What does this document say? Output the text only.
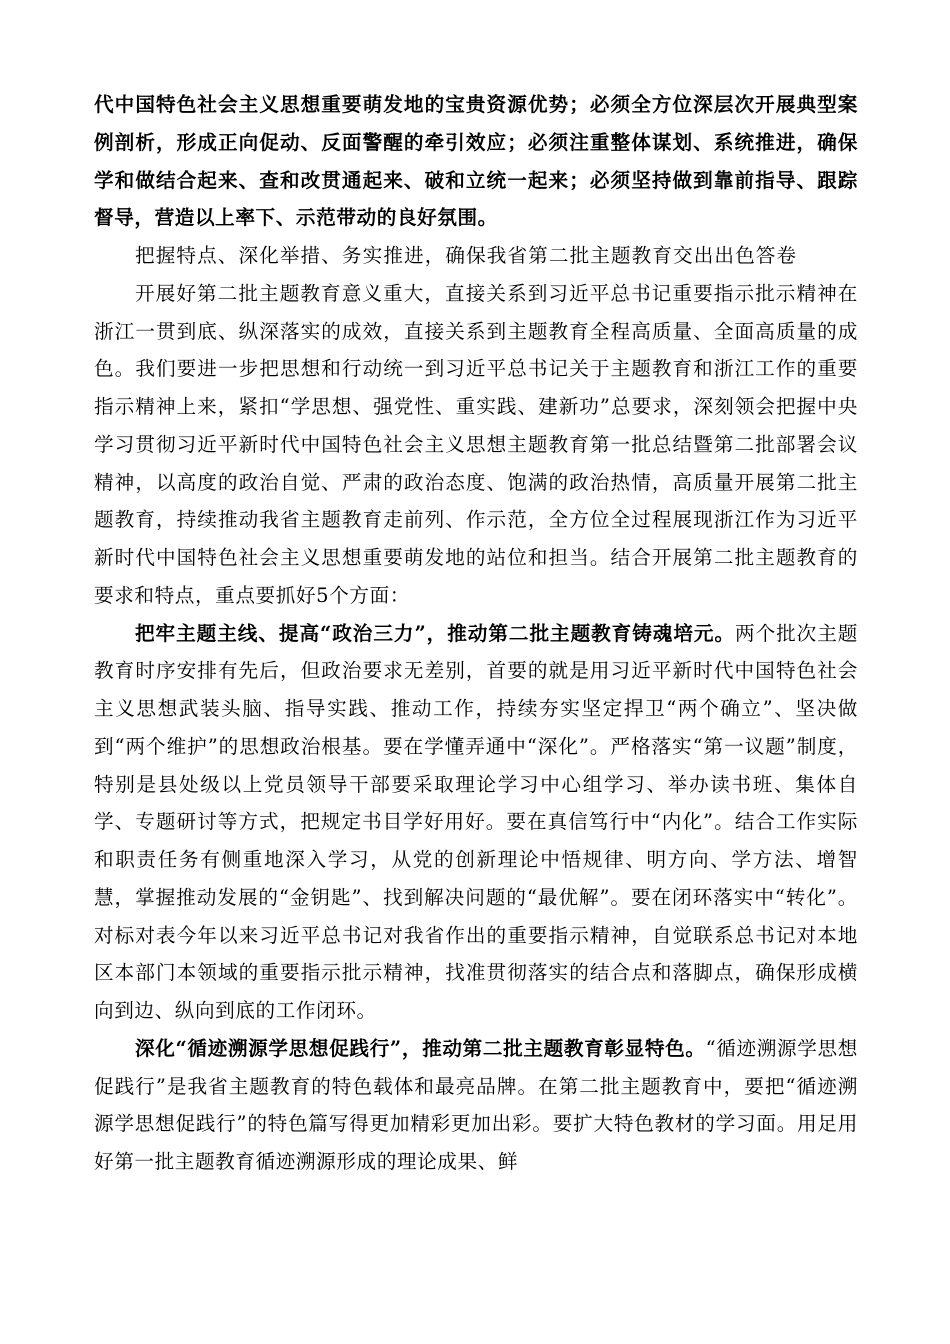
代中国特色社会主义思想重要萌发地的宝贵资源优势；必须全方位深层次开展典型案例剖析，形成正向促动、反面警醒的牵引效应；必须注重整体谋划、系统推进，确保学和做结合起来、查和改贯通起来、破和立统一起来；必须坚持做到靠前指导、跟踪督导，营造以上率下、示范带动的良好氛围。

把握特点、深化举措、务实推进，确保我省第二批主题教育交出出色答卷

开展好第二批主题教育意义重大，直接关系到习近平总书记重要指示批示精神在浙江一贯到底、纵深落实的成效，直接关系到主题教育全程高质量、全面高质量的成色。我们要进一步把思想和行动统一到习近平总书记关于主题教育和浙江工作的重要指示精神上来，紧扣“学思想、强党性、重实践、建新功”总要求，深刻领会把握中央学习贯彻习近平新时代中国特色社会主义思想主题教育第一批总结暨第二批部署会议精神，以高度的政治自觉、严肃的政治态度、饱满的政治热情，高质量开展第二批主题教育，持续推动我省主题教育走前列、作示范，全方位全过程展现浙江作为习近平新时代中国特色社会主义思想重要萌发地的站位和担当。结合开展第二批主题教育的要求和特点，重点要抓好5个方面：

把牢主题主线、提高“政治三力”，推动第二批主题教育铸魂培元。两个批次主题教育时序安排有先后，但政治要求无差别，首要的就是用习近平新时代中国特色社会主义思想武装头脑、指导实践、推动工作，持续夯实坚定捍卫“两个确立”、坚决做到“两个维护”的思想政治根基。要在学懂弄通中“深化”。严格落实“第一议题”制度，特别是县处级以上党员领导干部要采取理论学习中心组学习、举办读书班、集体自学、专题研讨等方式，把规定书目学好用好。要在真信笃行中“内化”。结合工作实际和职责任务有侧重地深入学习，从党的创新理论中悟规律、明方向、学方法、增智慧，掌握推动发展的“金钥匙”、找到解决问题的“最优解”。要在闭环落实中“转化”。对标对表今年以来习近平总书记对我省作出的重要指示精神，自觉联系总书记对本地区本部门本领域的重要指示批示精神，找准贯彻落实的结合点和落脚点，确保形成横向到边、纵向到底的工作闭环。

深化“循迹溯源学思想促践行”，推动第二批主题教育彰显特色。“循迹溯源学思想促践行”是我省主题教育的特色载体和最亮品牌。在第二批主题教育中，要把“循迹溯源学思想促践行”的特色篇写得更加精彩更加出彩。要扩大特色教材的学习面。用足用好第一批主题教育循迹溯源形成的理论成果、鲜
